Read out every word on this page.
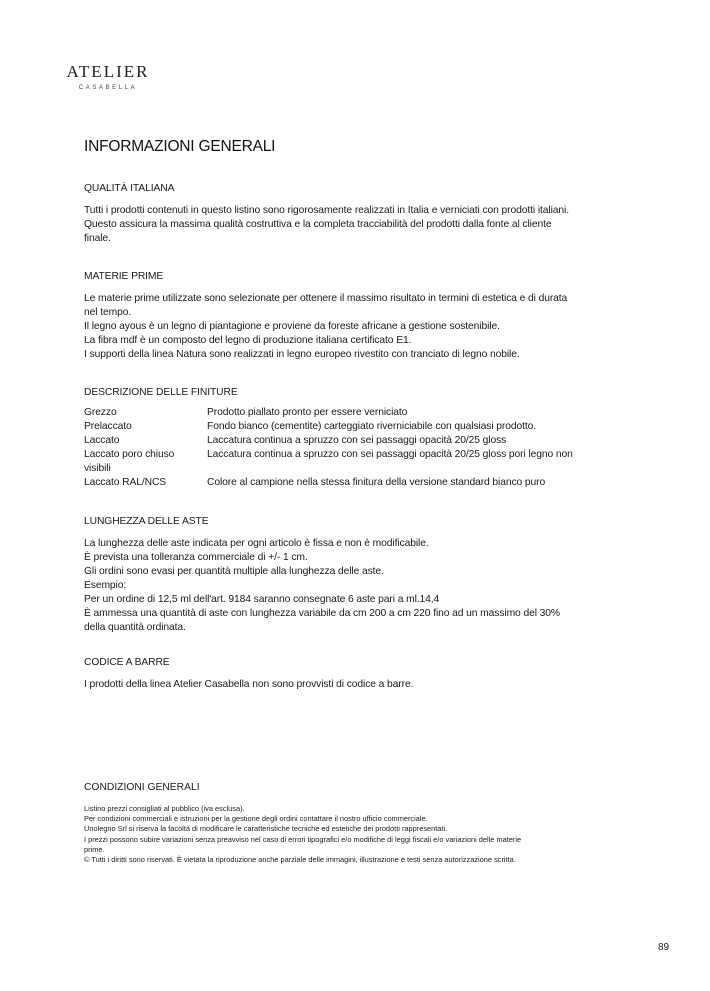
ATELIER
CASABELLA
INFORMAZIONI GENERALI
QUALITÀ ITALIANA

Tutti i prodotti contenuti in questo listino sono rigorosamente realizzati in Italia e verniciati con prodotti italiani.

Questo assicura la massima qualità costruttiva e la completa tracciabilità del prodotti dalla fonte al cliente

finale.

MATERIE PRIME

Le materie prime utilizzate sono selezionate per ottenere il massimo risultato in termini di estetica e di durata

nel tempo.

Il legno ayous è un legno di piantagione e proviene da foreste africane a gestione sostenibile.

La fibra mdf è un composto del legno di produzione italiana certificato E1.

I supporti della linea Natura sono realizzati in legno europeo rivestito con tranciato di legno nobile.

DESCRIZIONE DELLE FINITURE
Grezzo	Prodotto piallato pronto per essere verniciato
Prelaccato	Fondo bianco (cementite) carteggiato riverniciabile con qualsiasi prodotto.
Laccato	Laccatura continua a spruzzo con sei passaggi opacità 20/25 gloss
Laccato poro chiuso	Laccatura continua a spruzzo con sei passaggi opacità 20/25 gloss pori legno non
visibili
Laccato RAL/NCS	Colore al campione nella stessa finitura della versione standard bianco puro
LUNGHEZZA DELLE ASTE

La lunghezza delle aste indicata per ogni articolo è fissa e non è modificabile.

È prevista una tolleranza commerciale di +/- 1 cm.

Gli ordini sono evasi per quantità multiple alla lunghezza delle aste.

Esempio:

Per un ordine di 12,5 ml dell'art. 9184 saranno consegnate 6 aste pari a ml.14,4

È ammessa una quantità di aste con lunghezza variabile da cm 200 a cm 220 fino ad un massimo del 30%

della quantità ordinata.

CODICE A BARRE

I prodotti della linea Atelier Casabella non sono provvisti di codice a barre.

CONDIZIONI GENERALI

Listino prezzi consigliati al pubblico (iva esclusa).

Per condizioni commerciali e istruzioni per la gestione degli ordini contattare il nostro ufficio commerciale.

Unolegno Srl si riserva la facoltà di modificare le caratteristiche tecniche ed estetiche dei prodotti rappresentati.

I prezzi possono subire variazioni senza preavviso nel caso di errori tipografici e/o modifiche di leggi fiscali e/o variazioni delle materie

prime.

© Tutti i diritti sono riservati. È vietata la riproduzione anche parziale delle immagini, illustrazione e testi senza autorizzazione scritta.

89
